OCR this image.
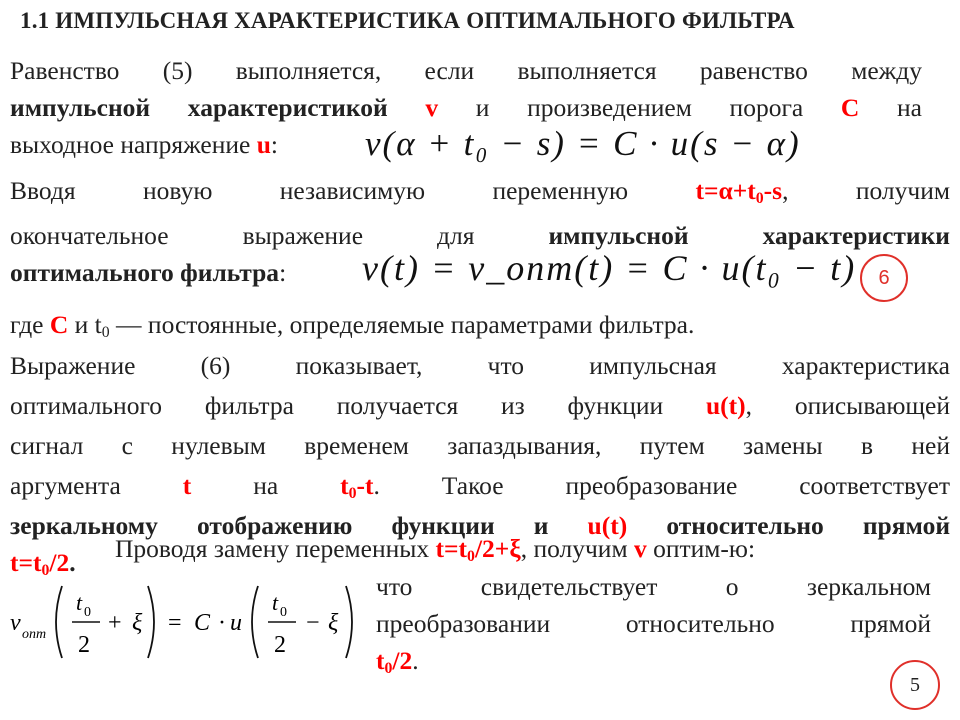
1.1 ИМПУЛЬСНАЯ ХАРАКТЕРИСТИКА ОПТИМАЛЬНОГО ФИЛЬТРА
Равенство (5) выполняется, если выполняется равенство между
импульсной характеристикой v и произведением порога C на
выходное напряжение u: v(α + t₀ − s) = C · u(s − α)
Вводя новую независимую переменную	$t=\alpha+t_0-s$, получим
окончательное выражение для	импульсной характеристики
оптимального фильтра: v(t) = v_опт(t) = C · u(t₀ − t)	6
где C и $t_0$ — постоянные, определяемые параметрами фильтра.
Выражение (6) показывает, что импульсная характеристика
оптимального фильтра получается из функции u(t), описывающей
сигнал с нулевым временем запаздывания, путем замены в ней
аргумента t на $t_0-t$. Такое преобразование соответствует
зеркальному отображению функции и u(t) относительно прямой
$t=t_0/2$. Проводя замену переменных $t=t_0/2+\xi$, получим v оптим-ю:
v опт
t 0
2
+ ξ = C · u
t 0
2
− ξ
что свидетельствует о зеркальном
преобразовании относительно прямой
$t_0/2$.
5
